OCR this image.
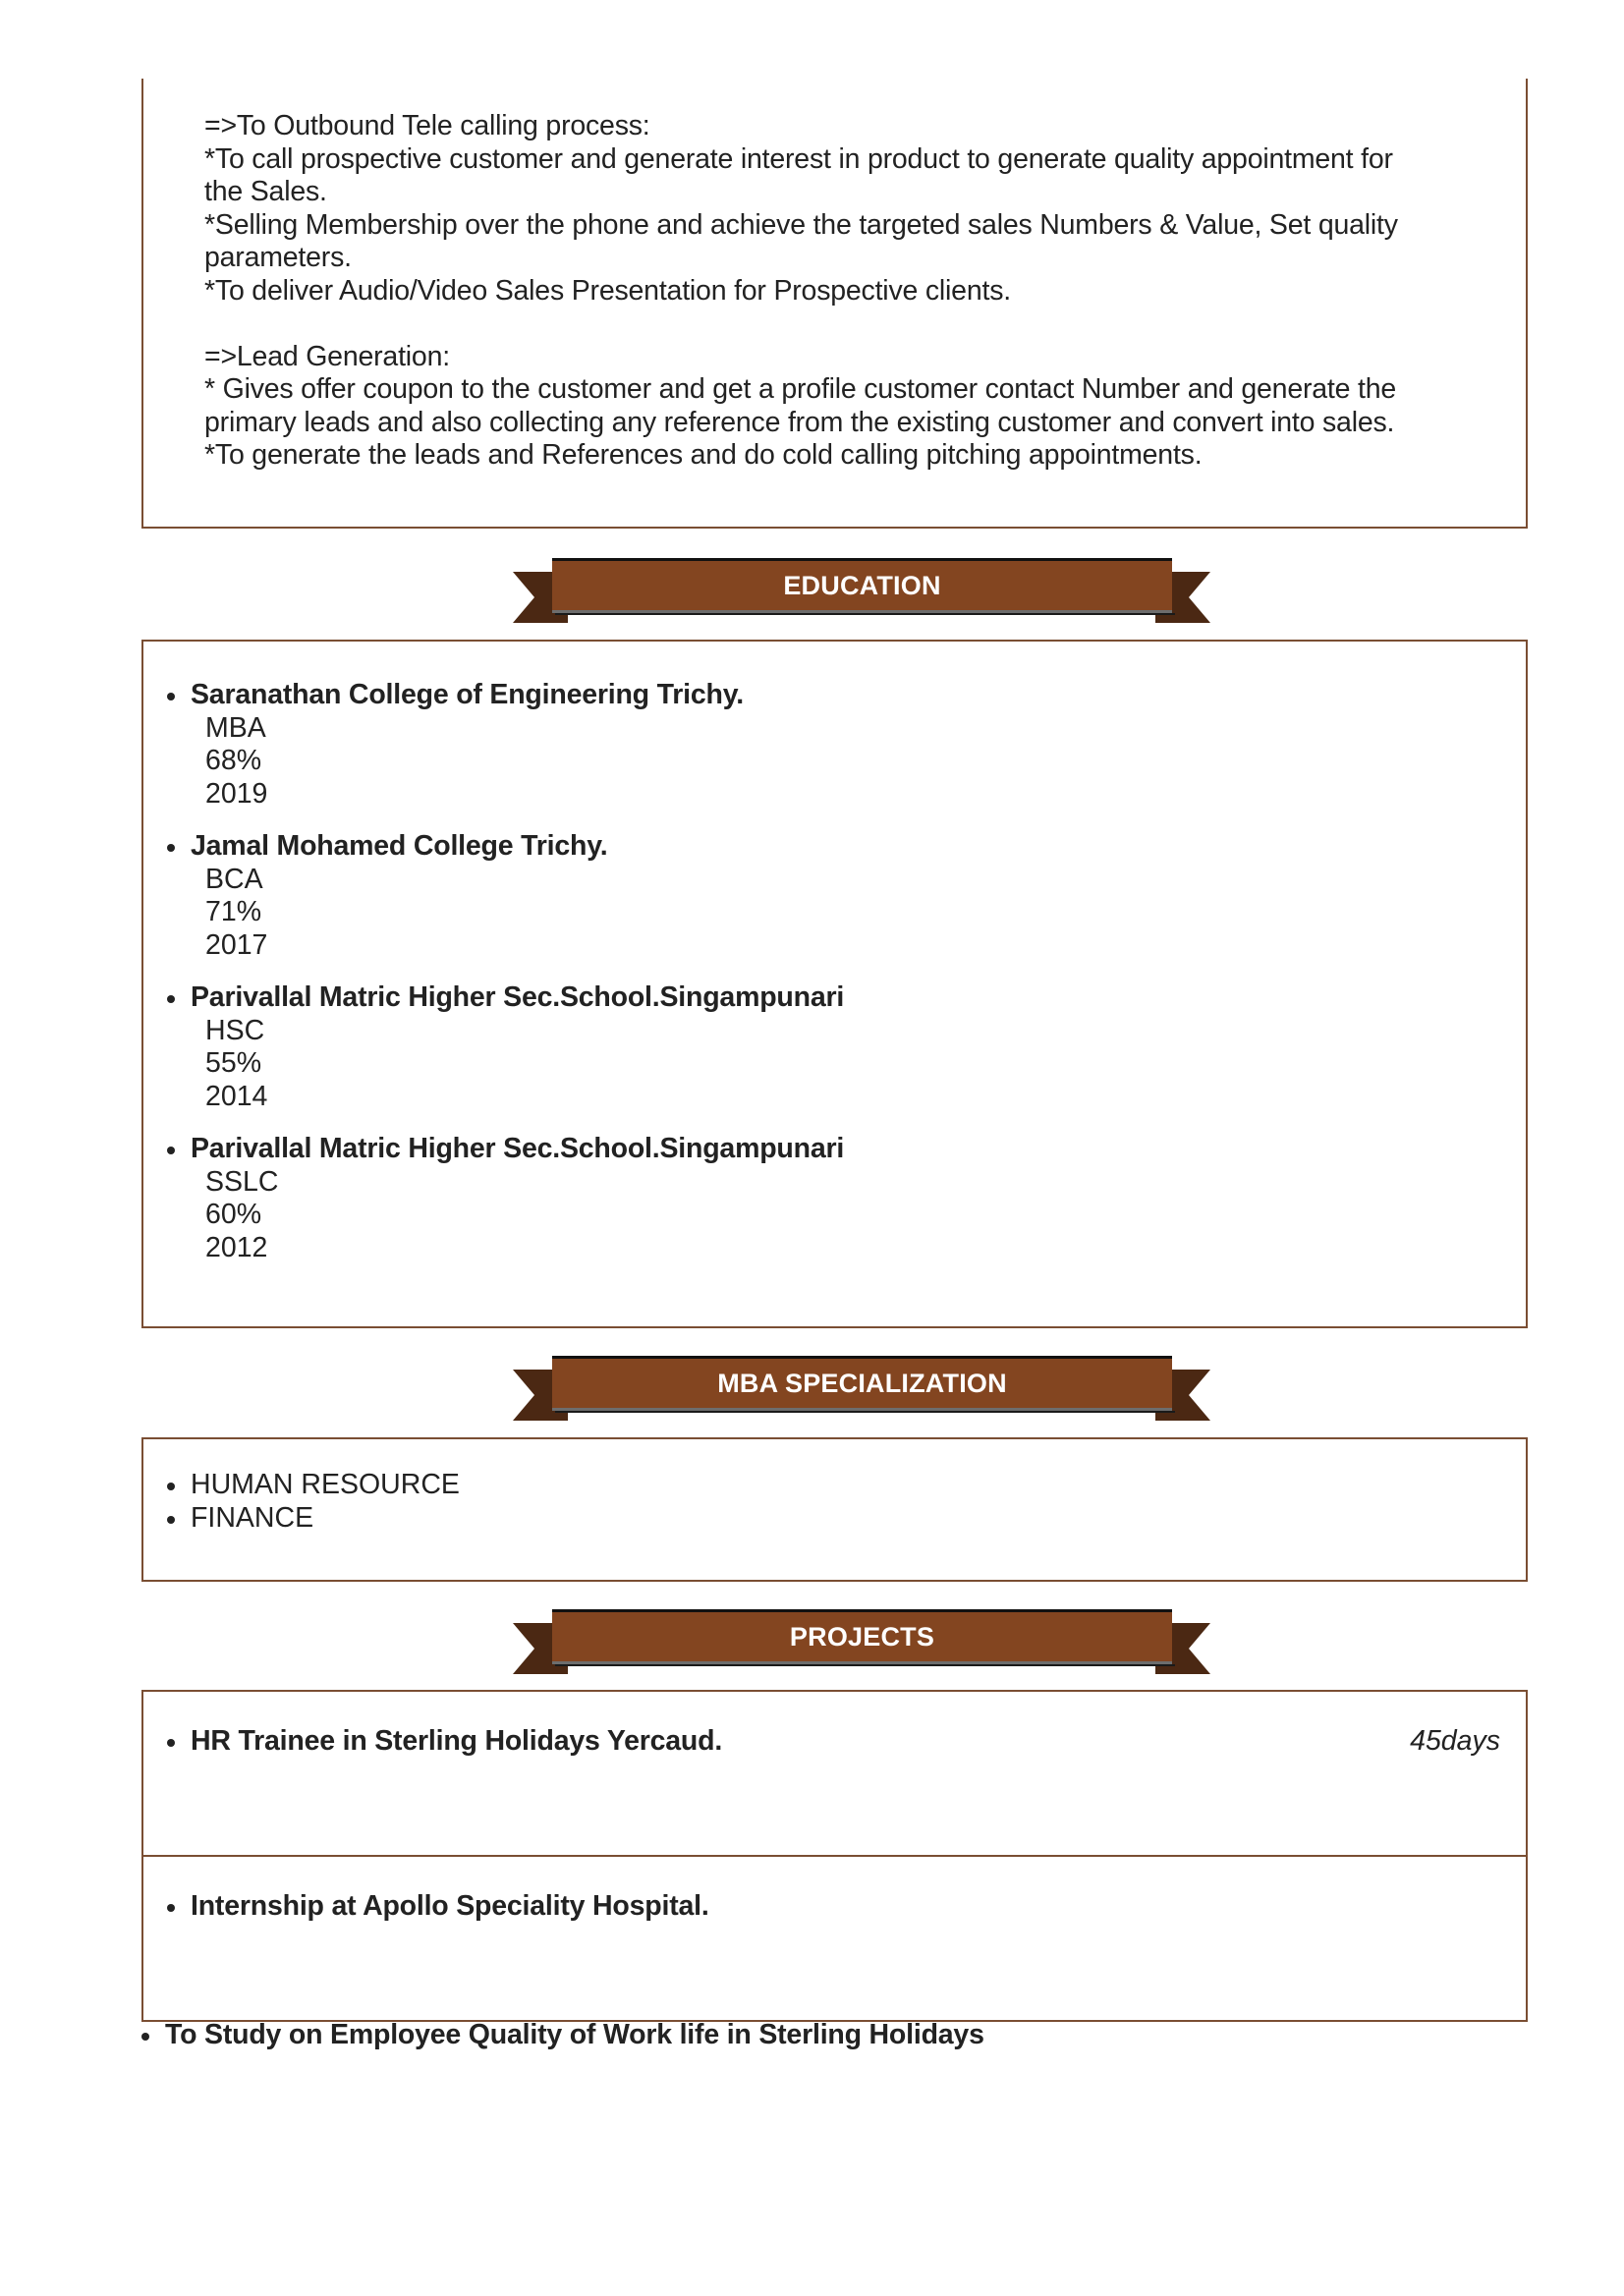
=>To Outbound Tele calling process:
*To call prospective customer and generate interest in product to generate quality appointment for
the Sales.
*Selling Membership over the phone and achieve the targeted sales Numbers & Value, Set quality
parameters.
*To deliver Audio/Video Sales Presentation for Prospective clients.
=>Lead Generation:
* Gives offer coupon to the customer and get a profile customer contact Number and generate the
primary leads and also collecting any reference from the existing customer and convert into sales.
*To generate the leads and References and do cold calling pitching appointments.
EDUCATION
Saranathan College of Engineering Trichy.
MBA
68%
2019
Jamal Mohamed College Trichy.
BCA
71%
2017
Parivallal Matric Higher Sec.School.Singampunari
HSC
55%
2014
Parivallal Matric Higher Sec.School.Singampunari
SSLC
60%
2012
MBA SPECIALIZATION
HUMAN RESOURCE
FINANCE
PROJECTS
HR Trainee in Sterling Holidays Yercaud.	45days
Internship at Apollo Speciality Hospital.
To Study on Employee Quality of Work life in Sterling Holidays
